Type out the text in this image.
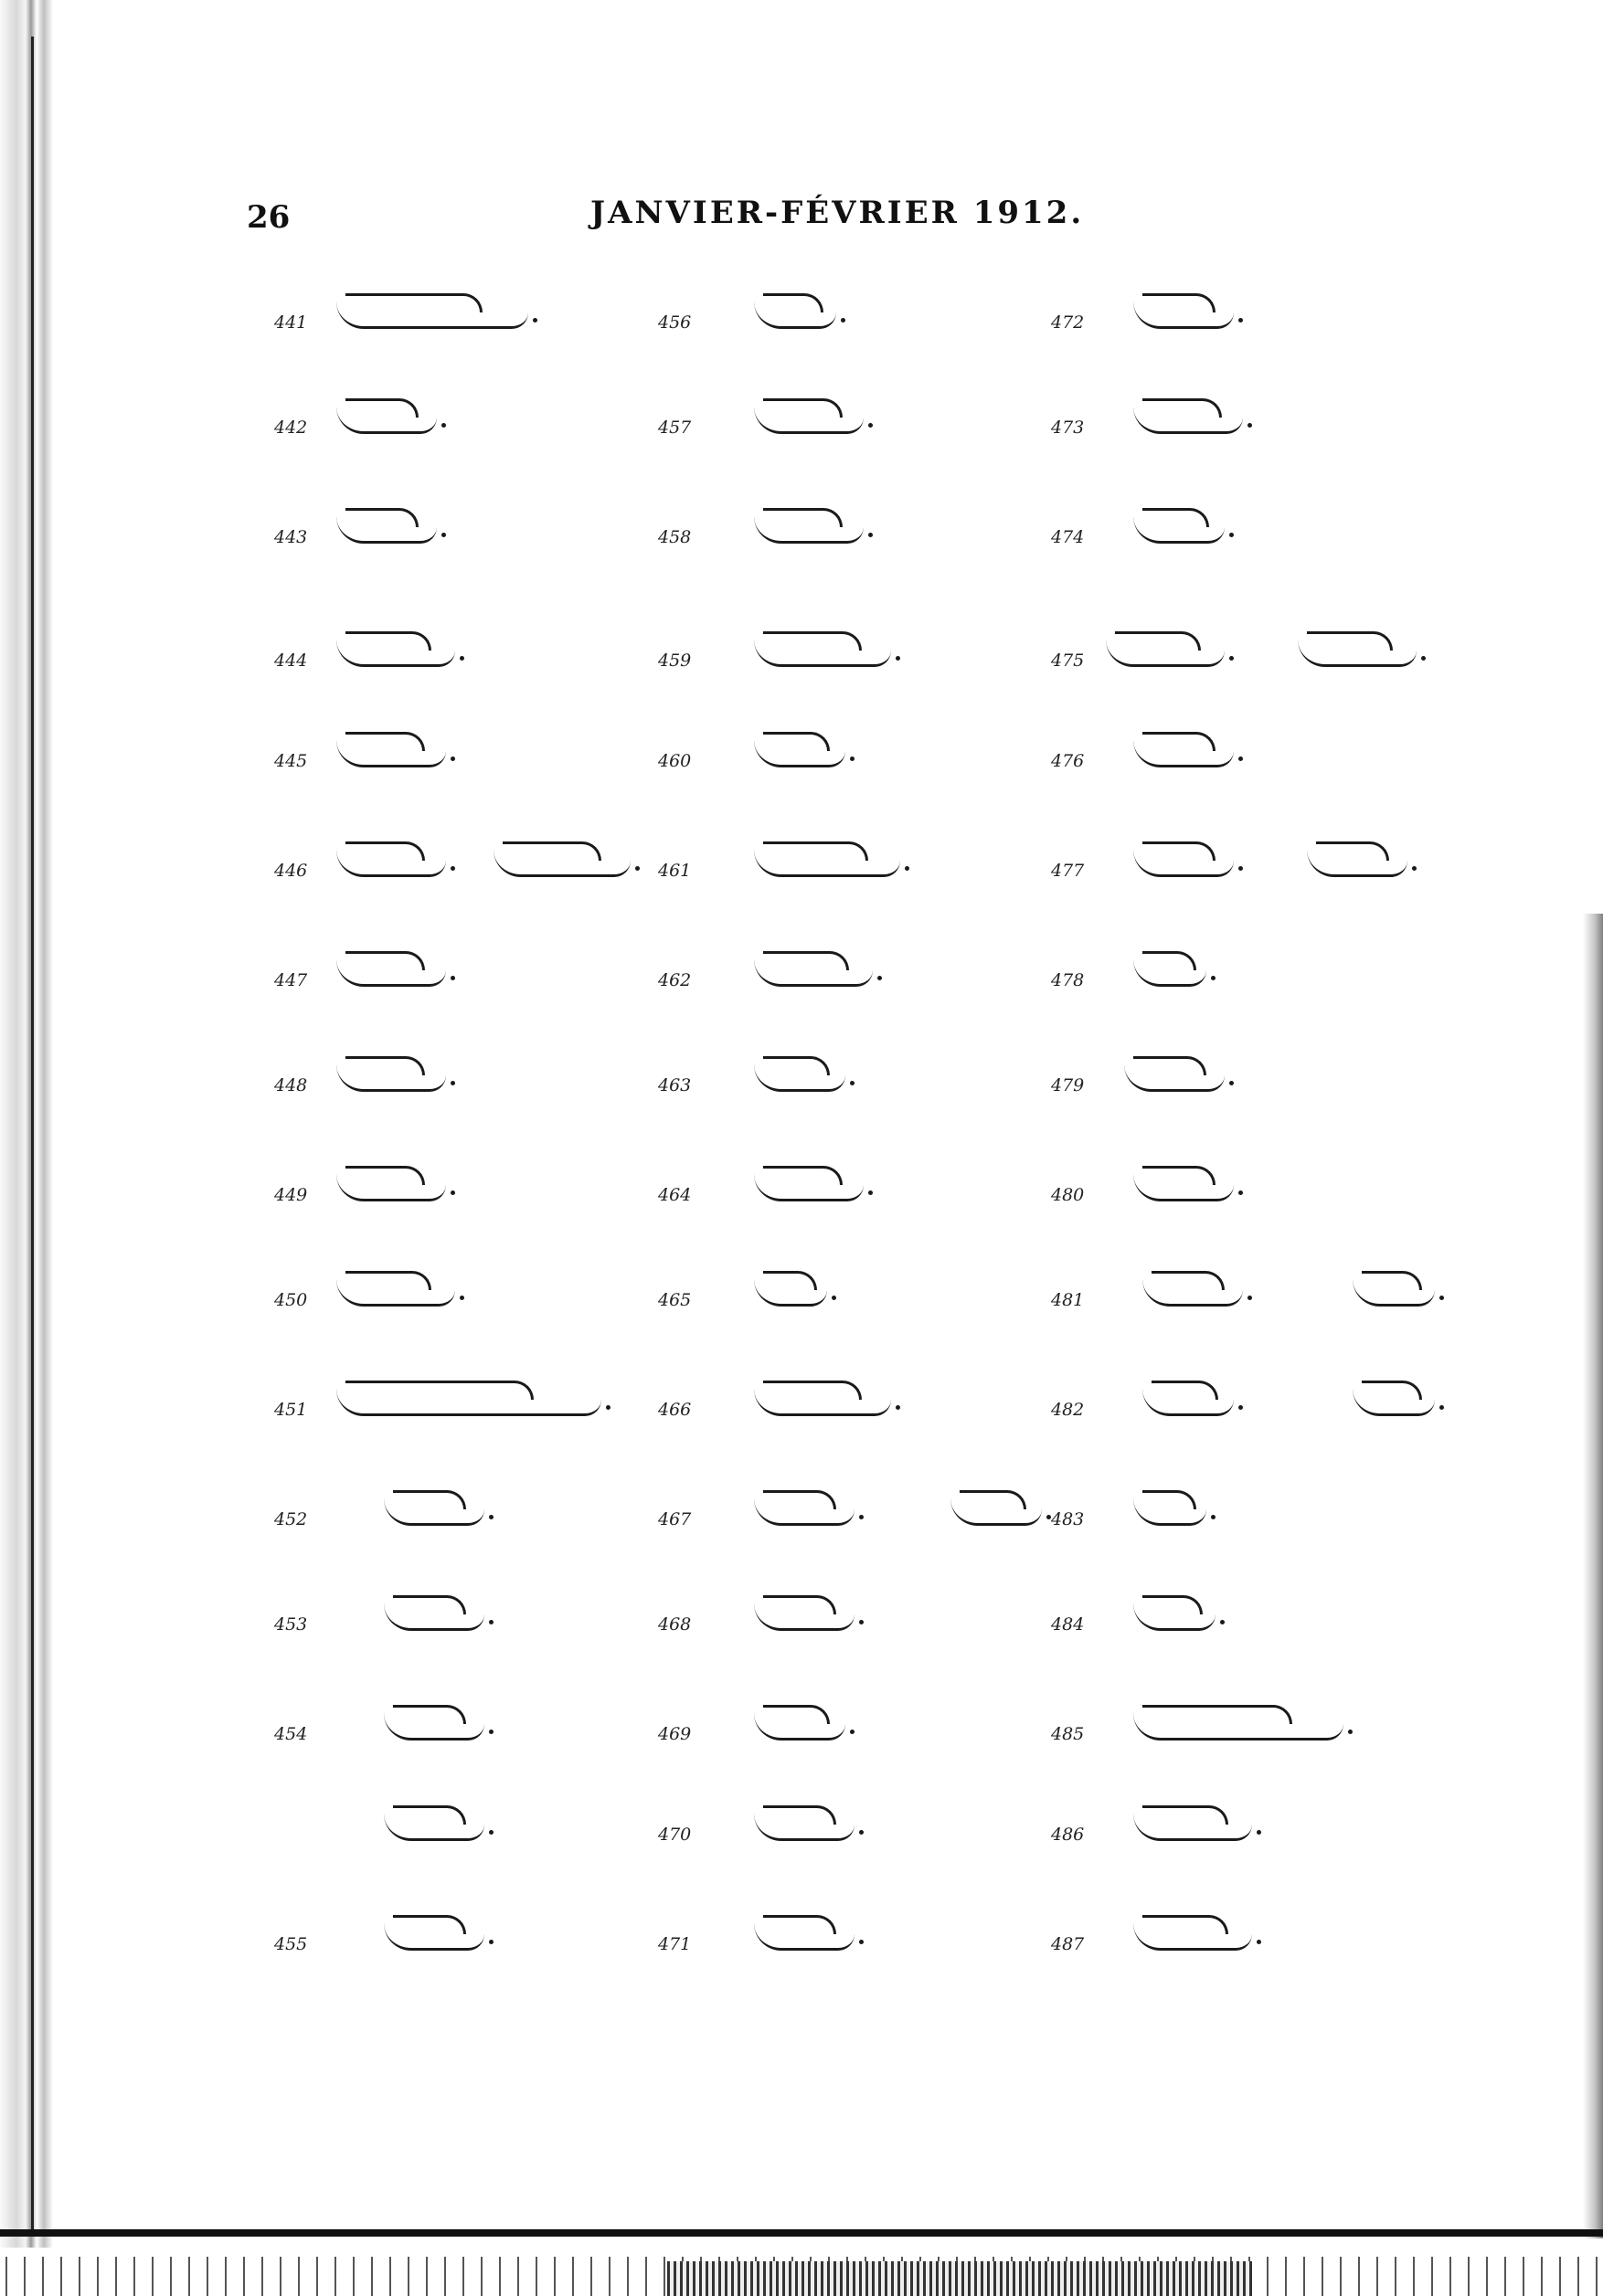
26	JANVIER-FÉVRIER 1912.
441
442
443
444
445
446
447
448
449
450
451
452
453
454
455
456
457
458
459
460
461
462
463
464
465
466
467
468
469
470
471
472
473
474
475
476
477
478
479
480
481
482
483
484
485
486
487
